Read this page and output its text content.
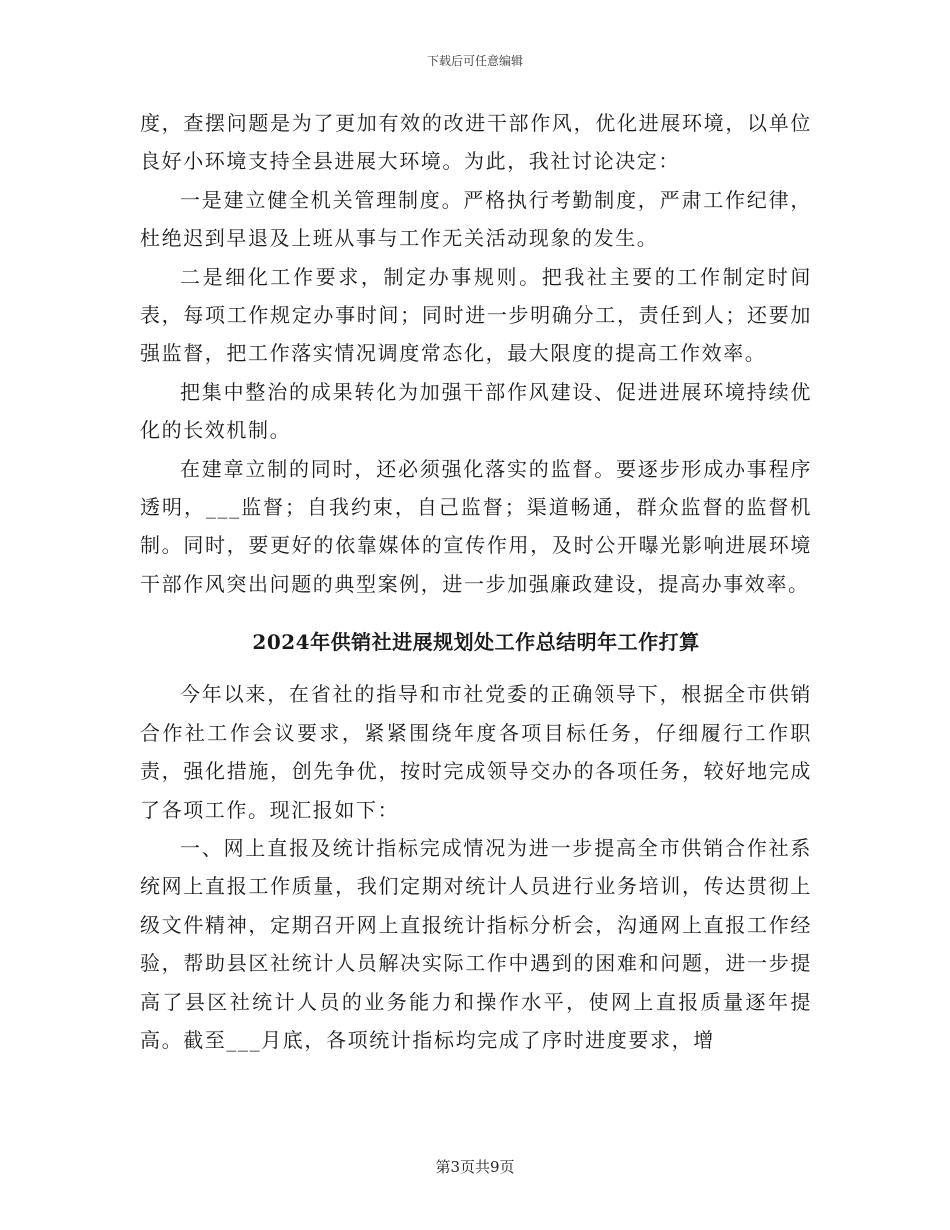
下载后可任意编辑

度，查摆问题是为了更加有效的改进干部作风，优化进展环境，以单位良好小环境支持全县进展大环境。为此，我社讨论决定：

一是建立健全机关管理制度。严格执行考勤制度，严肃工作纪律，杜绝迟到早退及上班从事与工作无关活动现象的发生。

二是细化工作要求，制定办事规则。把我社主要的工作制定时间表，每项工作规定办事时间；同时进一步明确分工，责任到人；还要加强监督，把工作落实情况调度常态化，最大限度的提高工作效率。

把集中整治的成果转化为加强干部作风建设、促进进展环境持续优化的长效机制。

在建章立制的同时，还必须强化落实的监督。要逐步形成办事程序透明，___监督；自我约束，自己监督；渠道畅通，群众监督的监督机制。同时，要更好的依靠媒体的宣传作用，及时公开曝光影响进展环境干部作风突出问题的典型案例，进一步加强廉政建设，提高办事效率。

2024年供销社进展规划处工作总结明年工作打算

今年以来，在省社的指导和市社党委的正确领导下，根据全市供销合作社工作会议要求，紧紧围绕年度各项目标任务，仔细履行工作职责，强化措施，创先争优，按时完成领导交办的各项任务，较好地完成了各项工作。现汇报如下：

一、网上直报及统计指标完成情况为进一步提高全市供销合作社系统网上直报工作质量，我们定期对统计人员进行业务培训，传达贯彻上级文件精神，定期召开网上直报统计指标分析会，沟通网上直报工作经验，帮助县区社统计人员解决实际工作中遇到的困难和问题，进一步提高了县区社统计人员的业务能力和操作水平，使网上直报质量逐年提高。截至___月底，各项统计指标均完成了序时进度要求，增

第3页共9页
